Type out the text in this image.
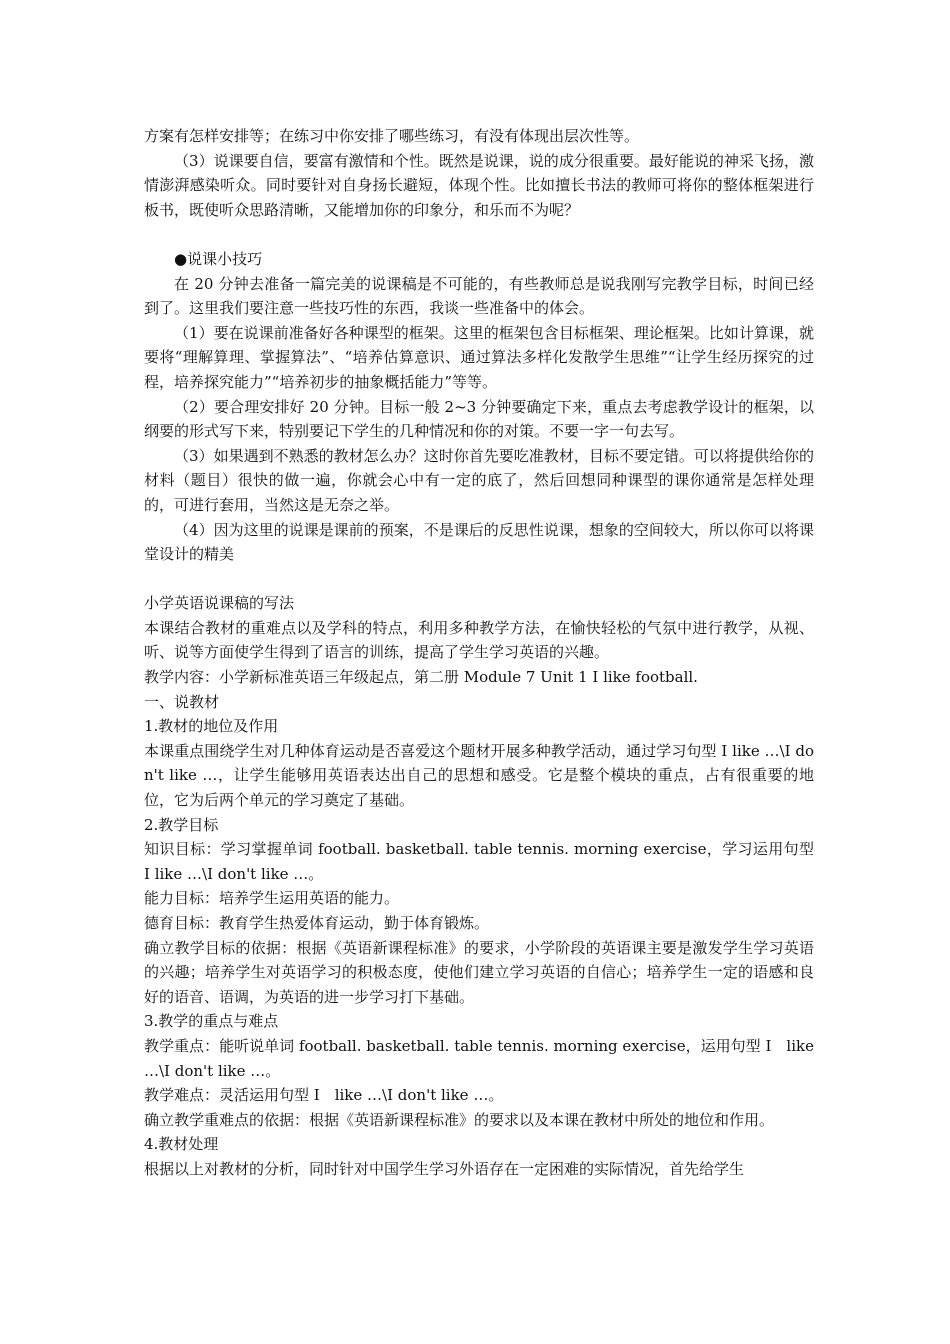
方案有怎样安排等；在练习中你安排了哪些练习，有没有体现出层次性等。

（3）说课要自信，要富有激情和个性。既然是说课，说的成分很重要。最好能说的神采飞扬，激情澎湃感染听众。同时要针对自身扬长避短，体现个性。比如擅长书法的教师可将你的整体框架进行板书，既使听众思路清晰，又能增加你的印象分，和乐而不为呢？

●说课小技巧

在 20 分钟去准备一篇完美的说课稿是不可能的，有些教师总是说我刚写完教学目标，时间已经到了。这里我们要注意一些技巧性的东西，我谈一些准备中的体会。

（1）要在说课前准备好各种课型的框架。这里的框架包含目标框架、理论框架。比如计算课，就要将“理解算理、掌握算法”、“培养估算意识、通过算法多样化发散学生思维”“让学生经历探究的过程，培养探究能力”“培养初步的抽象概括能力”等等。

（2）要合理安排好 20 分钟。目标一般 2~3 分钟要确定下来，重点去考虑教学设计的框架，以纲要的形式写下来，特别要记下学生的几种情况和你的对策。不要一字一句去写。

（3）如果遇到不熟悉的教材怎么办？这时你首先要吃准教材，目标不要定错。可以将提供给你的材料（题目）很快的做一遍，你就会心中有一定的底了，然后回想同种课型的课你通常是怎样处理的，可进行套用，当然这是无奈之举。

（4）因为这里的说课是课前的预案，不是课后的反思性说课，想象的空间较大，所以你可以将课堂设计的精美

小学英语说课稿的写法

本课结合教材的重难点以及学科的特点，利用多种教学方法，在愉快轻松的气氛中进行教学，从视、听、说等方面使学生得到了语言的训练，提高了学生学习英语的兴趣。

教学内容：小学新标准英语三年级起点，第二册 Module 7 Unit 1 I like football.

一、说教材

1.教材的地位及作用

本课重点围绕学生对几种体育运动是否喜爱这个题材开展多种教学活动，通过学习句型 I like …\I don't like …，让学生能够用英语表达出自己的思想和感受。它是整个模块的重点，占有很重要的地位，它为后两个单元的学习奠定了基础。

2.教学目标

知识目标：学习掌握单词 football. basketball. table tennis. morning exercise，学习运用句型 I like …\I don't like …。

能力目标：培养学生运用英语的能力。

德育目标：教育学生热爱体育运动，勤于体育锻炼。

确立教学目标的依据：根据《英语新课程标准》的要求，小学阶段的英语课主要是激发学生学习英语的兴趣；培养学生对英语学习的积极态度，使他们建立学习英语的自信心；培养学生一定的语感和良好的语音、语调，为英语的进一步学习打下基础。

3.教学的重点与难点

教学重点：能听说单词 football. basketball. table tennis. morning exercise，运用句型 I　like …\I don't like …。

教学难点：灵活运用句型 I　like …\I don't like …。

确立教学重难点的依据：根据《英语新课程标准》的要求以及本课在教材中所处的地位和作用。

4.教材处理

根据以上对教材的分析，同时针对中国学生学习外语存在一定困难的实际情况，首先给学生
